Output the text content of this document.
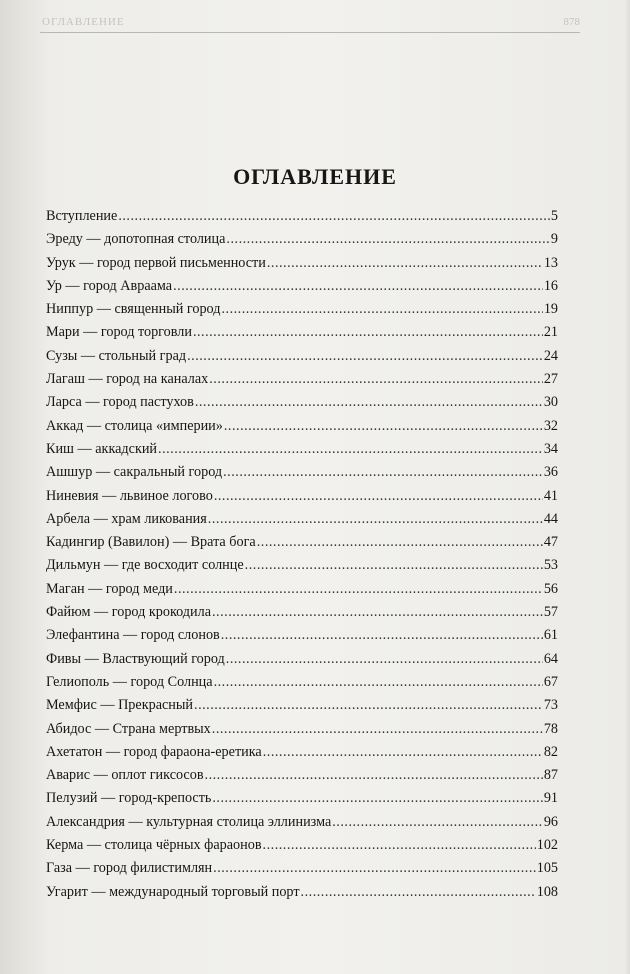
ОГЛАВЛЕНИЕ	878
ОГЛАВЛЕНИЕ
Вступление .....	5
Эреду — допотопная столица .....	9
Урук — город первой письменности .....	13
Ур — город Авраама .....	16
Ниппур — священный город .....	19
Мари — город торговли .....	21
Сузы — стольный град .....	24
Лагаш — город на каналах .....	27
Ларса — город пастухов .....	30
Аккад — столица «империи» .....	32
Киш — аккадский .....	34
Ашшур — сакральный город .....	36
Ниневия — львиное логово .....	41
Арбела — храм ликования .....	44
Кадингир (Вавилон) — Врата бога .....	47
Дильмун — где восходит солнце .....	53
Маган — город меди .....	56
Файюм — город крокодила .....	57
Элефантина — город слонов .....	61
Фивы — Властвующий город .....	64
Гелиополь — город Солнца .....	67
Мемфис — Прекрасный .....	73
Абидос — Страна мертвых .....	78
Ахетатон — город фараона-еретика .....	82
Аварис — оплот гиксосов .....	87
Пелузий — город-крепость .....	91
Александрия — культурная столица эллинизма .....	96
Керма — столица чёрных фараонов .....	102
Газа — город филистимлян .....	105
Угарит — международный торговый порт .....	108
